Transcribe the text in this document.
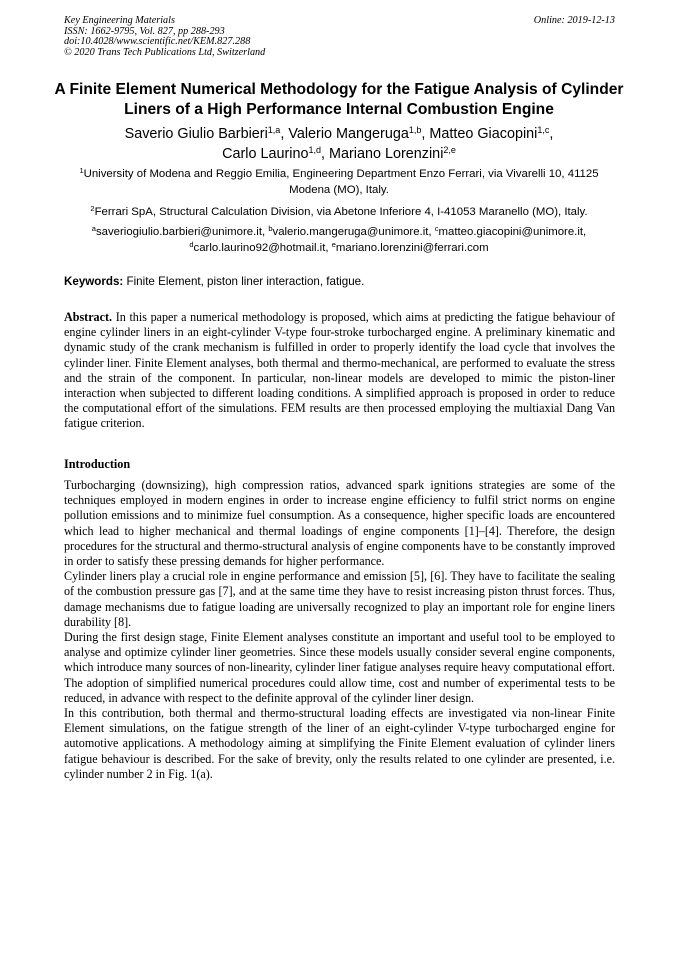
Key Engineering Materials
ISSN: 1662-9795, Vol. 827, pp 288-293
doi:10.4028/www.scientific.net/KEM.827.288
© 2020 Trans Tech Publications Ltd, Switzerland
Online: 2019-12-13
A Finite Element Numerical Methodology for the Fatigue Analysis of Cylinder Liners of a High Performance Internal Combustion Engine
Saverio Giulio Barbieri$^{1,a}$, Valerio Mangeruga$^{1,b}$, Matteo Giacopini$^{1,c}$,
Carlo Laurino$^{1,d}$, Mariano Lorenzini$^{2,e}$
$^1$University of Modena and Reggio Emilia, Engineering Department Enzo Ferrari, via Vivarelli 10, 41125 Modena (MO), Italy.
$^2$Ferrari SpA, Structural Calculation Division, via Abetone Inferiore 4, I-41053 Maranello (MO), Italy.
$^a$saveriogiulio.barbieri@unimore.it, $^b$valerio.mangeruga@unimore.it, $^c$matteo.giacopini@unimore.it,
$^d$carlo.laurino92@hotmail.it, $^e$mariano.lorenzini@ferrari.com
Keywords: Finite Element, piston liner interaction, fatigue.
Abstract. In this paper a numerical methodology is proposed, which aims at predicting the fatigue behaviour of engine cylinder liners in an eight-cylinder V-type four-stroke turbocharged engine. A preliminary kinematic and dynamic study of the crank mechanism is fulfilled in order to properly identify the load cycle that involves the cylinder liner. Finite Element analyses, both thermal and thermo-mechanical, are performed to evaluate the stress and the strain of the component. In particular, non-linear models are developed to mimic the piston-liner interaction when subjected to different loading conditions. A simplified approach is proposed in order to reduce the computational effort of the simulations. FEM results are then processed employing the multiaxial Dang Van fatigue criterion.
Introduction

Turbocharging (downsizing), high compression ratios, advanced spark ignitions strategies are some of the techniques employed in modern engines in order to increase engine efficiency to fulfil strict norms on engine pollution emissions and to minimize fuel consumption. As a consequence, higher specific loads are encountered which lead to higher mechanical and thermal loadings of engine components [1]–[4]. Therefore, the design procedures for the structural and thermo-structural analysis of engine components have to be constantly improved in order to satisfy these pressing demands for higher performance.

Cylinder liners play a crucial role in engine performance and emission [5], [6]. They have to facilitate the sealing of the combustion pressure gas [7], and at the same time they have to resist increasing piston thrust forces. Thus, damage mechanisms due to fatigue loading are universally recognized to play an important role for engine liners durability [8].

During the first design stage, Finite Element analyses constitute an important and useful tool to be employed to analyse and optimize cylinder liner geometries. Since these models usually consider several engine components, which introduce many sources of non-linearity, cylinder liner fatigue analyses require heavy computational effort. The adoption of simplified numerical procedures could allow time, cost and number of experimental tests to be reduced, in advance with respect to the definite approval of the cylinder liner design.

In this contribution, both thermal and thermo-structural loading effects are investigated via non-linear Finite Element simulations, on the fatigue strength of the liner of an eight-cylinder V-type turbocharged engine for automotive applications. A methodology aiming at simplifying the Finite Element evaluation of cylinder liners fatigue behaviour is described. For the sake of brevity, only the results related to one cylinder are presented, i.e. cylinder number 2 in Fig. 1(a).
